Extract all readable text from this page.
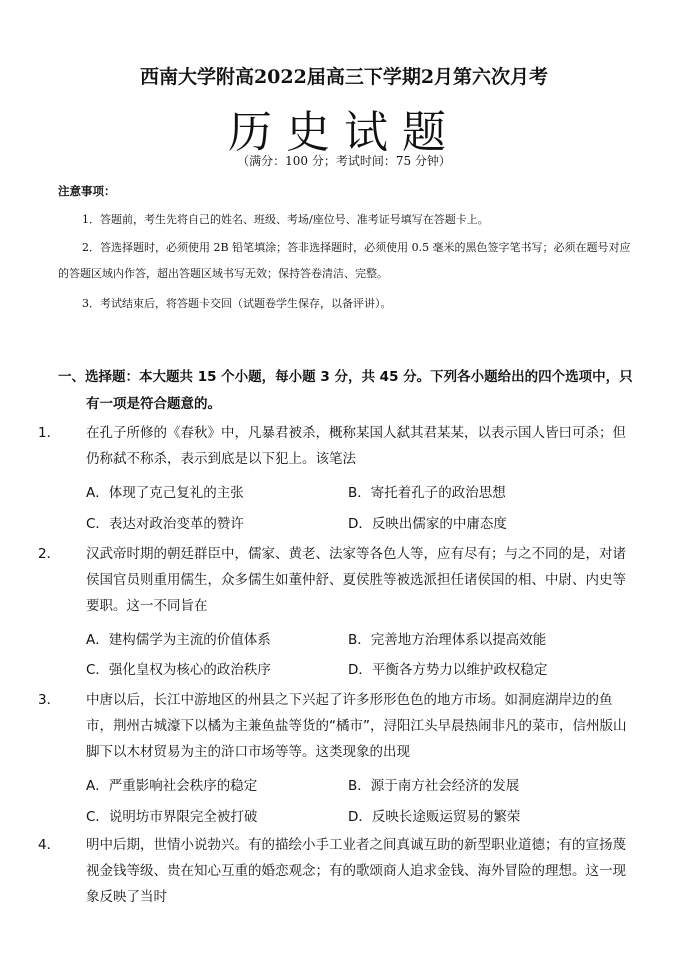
西南大学附高2022届高三下学期2月第六次月考
历史试题
（满分：100 分；考试时间：75 分钟）
注意事项：
1．答题前，考生先将自己的姓名、班级、考场/座位号、准考证号填写在答题卡上。
2．答选择题时，必须使用 2B 铅笔填涂；答非选择题时，必须使用 0.5 毫米的黑色签字笔书写；必须在题号对应的答题区域内作答，超出答题区域书写无效；保持答卷清洁、完整。
3．考试结束后，将答题卡交回（试题卷学生保存，以备评讲）。
一、选择题：本大题共 15 个小题，每小题 3 分，共 45 分。下列各小题给出的四个选项中，只
有一项是符合题意的。
1． 在孔子所修的《春秋》中，凡暴君被杀，概称某国人弑其君某某，以表示国人皆曰可杀；但仍称弑不称杀，表示到底是以下犯上。该笔法
A．体现了克己复礼的主张	B．寄托着孔子的政治思想
C．表达对政治变革的赞许	D．反映出儒家的中庸态度
2． 汉武帝时期的朝廷群臣中，儒家、黄老、法家等各色人等，应有尽有；与之不同的是，对诸侯国官员则重用儒生，众多儒生如董仲舒、夏侯胜等被选派担任诸侯国的相、中尉、内史等要职。这一不同旨在
A．建构儒学为主流的价值体系	B．完善地方治理体系以提高效能
C．强化皇权为核心的政治秩序	D．平衡各方势力以维护政权稳定
3． 中唐以后，长江中游地区的州县之下兴起了许多形形色色的地方市场。如洞庭湖岸边的鱼市，荆州古城濠下以橘为主兼鱼盐等货的“橘市”，浔阳江头早晨热闹非凡的菜市，信州版山脚下以木材贸易为主的浒口市场等等。这类现象的出现
A．严重影响社会秩序的稳定	B．源于南方社会经济的发展
C．说明坊市界限完全被打破	D．反映长途贩运贸易的繁荣
4． 明中后期，世情小说勃兴。有的描绘小手工业者之间真诚互助的新型职业道德；有的宣扬蔑视金钱等级、贵在知心互重的婚恋观念；有的歌颂商人追求金钱、海外冒险的理想。这一现象反映了当时
